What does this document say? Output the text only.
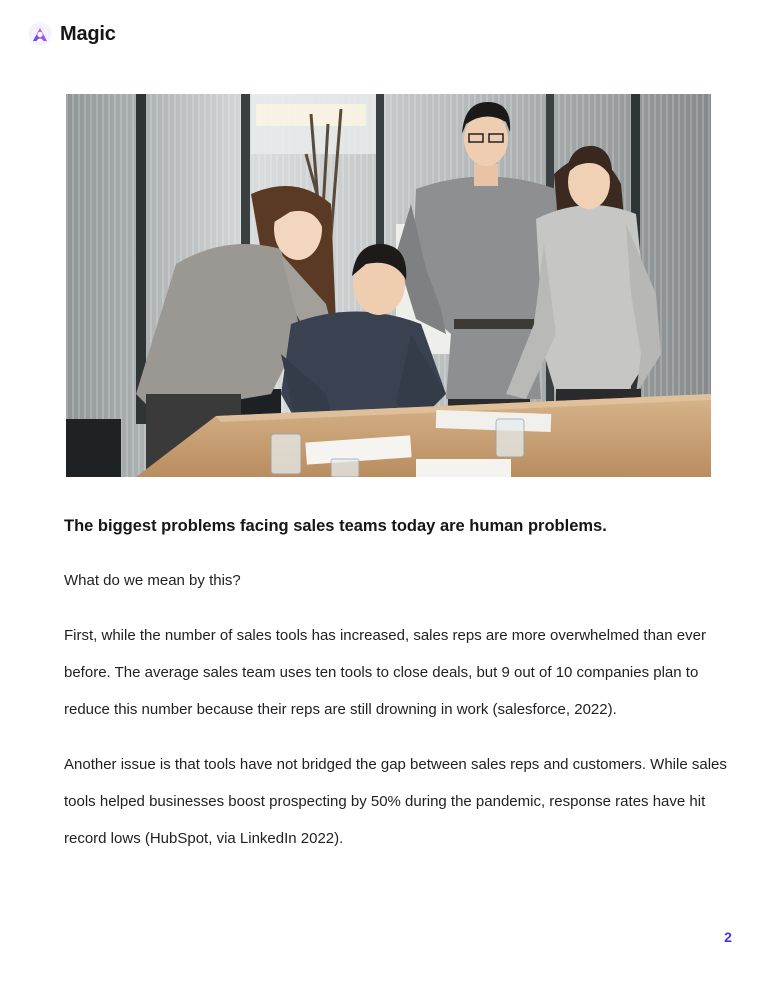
Magic
The biggest problems facing sales teams today are human problems.

What do we mean by this?

First, while the number of sales tools has increased, sales reps are more overwhelmed than ever before. The average sales team uses ten tools to close deals, but 9 out of 10 companies plan to reduce this number because their reps are still drowning in work (salesforce, 2022).

Another issue is that tools have not bridged the gap between sales reps and customers. While sales tools helped businesses boost prospecting by 50% during the pandemic, response rates have hit record lows (HubSpot, via LinkedIn 2022).

2
